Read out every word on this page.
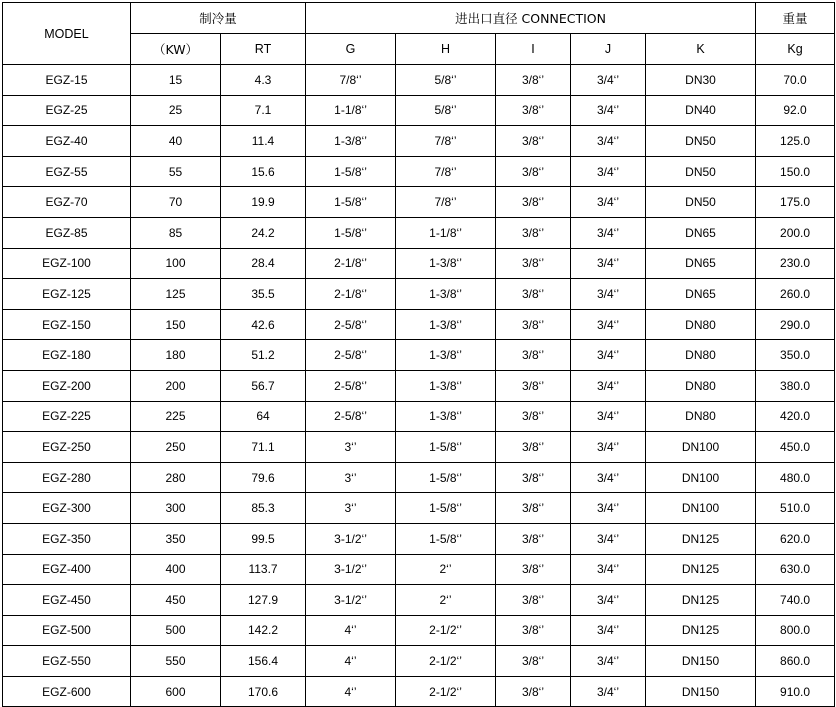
MODEL	制冷量		进出口直径 CONNECTION					重量
	（KW）	RT	G	H	I	J	K	Kg
EGZ-15	15	4.3	7/8‘’	5/8‘’	3/8‘’	3/4‘’	DN30	70.0
EGZ-25	25	7.1	1-1/8‘’	5/8‘’	3/8‘’	3/4‘’	DN40	92.0
EGZ-40	40	11.4	1-3/8‘’	7/8‘’	3/8‘’	3/4‘’	DN50	125.0
EGZ-55	55	15.6	1-5/8‘’	7/8‘’	3/8‘’	3/4‘’	DN50	150.0
EGZ-70	70	19.9	1-5/8‘’	7/8‘’	3/8‘’	3/4‘’	DN50	175.0
EGZ-85	85	24.2	1-5/8‘’	1-1/8‘’	3/8‘’	3/4‘’	DN65	200.0
EGZ-100	100	28.4	2-1/8‘’	1-3/8‘’	3/8‘’	3/4‘’	DN65	230.0
EGZ-125	125	35.5	2-1/8‘’	1-3/8‘’	3/8‘’	3/4‘’	DN65	260.0
EGZ-150	150	42.6	2-5/8‘’	1-3/8‘’	3/8‘’	3/4‘’	DN80	290.0
EGZ-180	180	51.2	2-5/8‘’	1-3/8‘’	3/8‘’	3/4‘’	DN80	350.0
EGZ-200	200	56.7	2-5/8‘’	1-3/8‘’	3/8‘’	3/4‘’	DN80	380.0
EGZ-225	225	64	2-5/8‘’	1-3/8‘’	3/8‘’	3/4‘’	DN80	420.0
EGZ-250	250	71.1	3‘’	1-5/8‘’	3/8‘’	3/4‘’	DN100	450.0
EGZ-280	280	79.6	3‘’	1-5/8‘’	3/8‘’	3/4‘’	DN100	480.0
EGZ-300	300	85.3	3‘’	1-5/8‘’	3/8‘’	3/4‘’	DN100	510.0
EGZ-350	350	99.5	3-1/2‘’	1-5/8‘’	3/8‘’	3/4‘’	DN125	620.0
EGZ-400	400	113.7	3-1/2‘’	2‘’	3/8‘’	3/4‘’	DN125	630.0
EGZ-450	450	127.9	3-1/2‘’	2‘’	3/8‘’	3/4‘’	DN125	740.0
EGZ-500	500	142.2	4‘’	2-1/2‘’	3/8‘’	3/4‘’	DN125	800.0
EGZ-550	550	156.4	4‘’	2-1/2‘’	3/8‘’	3/4‘’	DN150	860.0
EGZ-600	600	170.6	4‘’	2-1/2‘’	3/8‘’	3/4‘’	DN150	910.0
